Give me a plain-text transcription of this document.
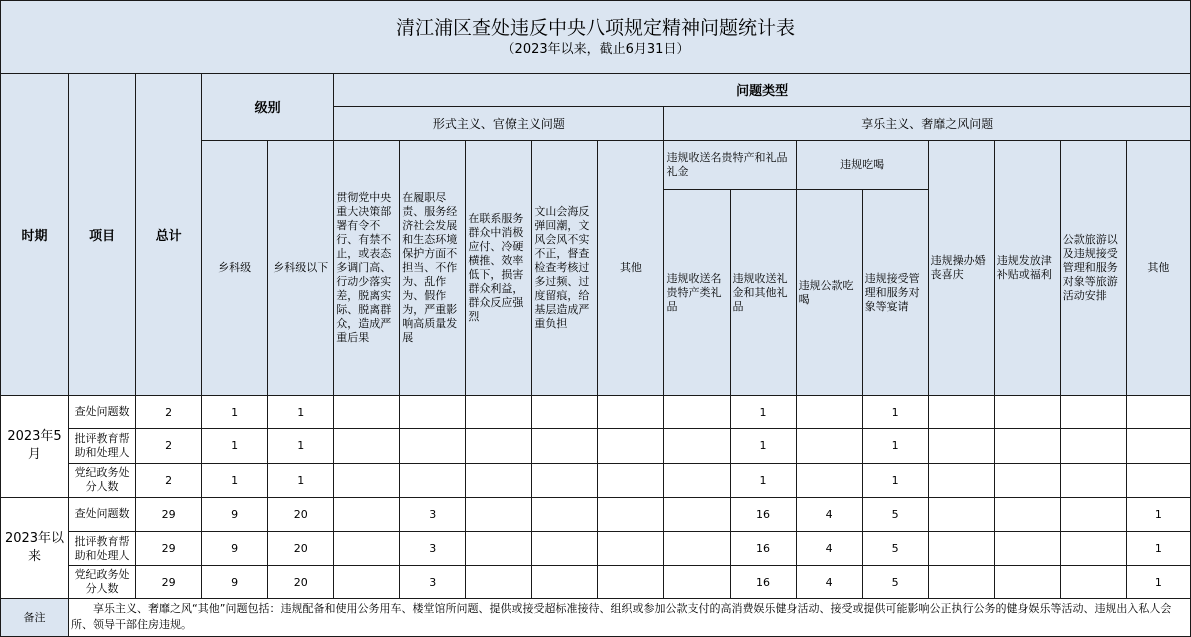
清江浦区查处违反中央八项规定精神问题统计表
（2023年以来，截止6月31日）																	

时期	项目	总计	级别		问题类型												
					形式主义、官僚主义问题					享乐主义、奢靡之风问题							
			乡科级	乡科级以下	贯彻党中央重大决策部署有令不行、有禁不止，或表态多调门高、行动少落实差，脱离实际、脱离群众，造成严重后果	在履职尽责、服务经济社会发展和生态环境保护方面不担当、不作为、乱作为、假作为，严重影响高质量发展	在联系服务群众中消极应付、冷硬横推、效率低下，损害群众利益，群众反应强烈	文山会海反弹回潮，文风会风不实不正，督查检查考核过多过频、过度留痕，给基层造成严重负担	其他	违规收送名贵特产和礼品礼金		违规吃喝		违规操办婚丧喜庆	违规发放津补贴或福利	公款旅游以及违规接受管理和服务对象等旅游活动安排	其他
										违规收送名贵特产类礼品	违规收送礼金和其他礼品	违规公款吃喝	违规接受管理和服务对象等宴请				
2023年5月	查处问题数	2	1	1							1		1				
	批评教育帮助和处理人	2	1	1							1		1				
	党纪政务处分人数	2	1	1							1		1				
2023年以来	查处问题数	29	9	20		3					16	4	5				1
	批评教育帮助和处理人	29	9	20		3					16	4	5				1
	党纪政务处分人数	29	9	20		3					16	4	5				1
备注	享乐主义、奢靡之风“其他”问题包括：违规配备和使用公务用车、楼堂馆所问题、提供或接受超标准接待、组织或参加公款支付的高消费娱乐健身活动、接受或提供可能影响公正执行公务的健身娱乐等活动、违规出入私人会所、领导干部住房违规。																
